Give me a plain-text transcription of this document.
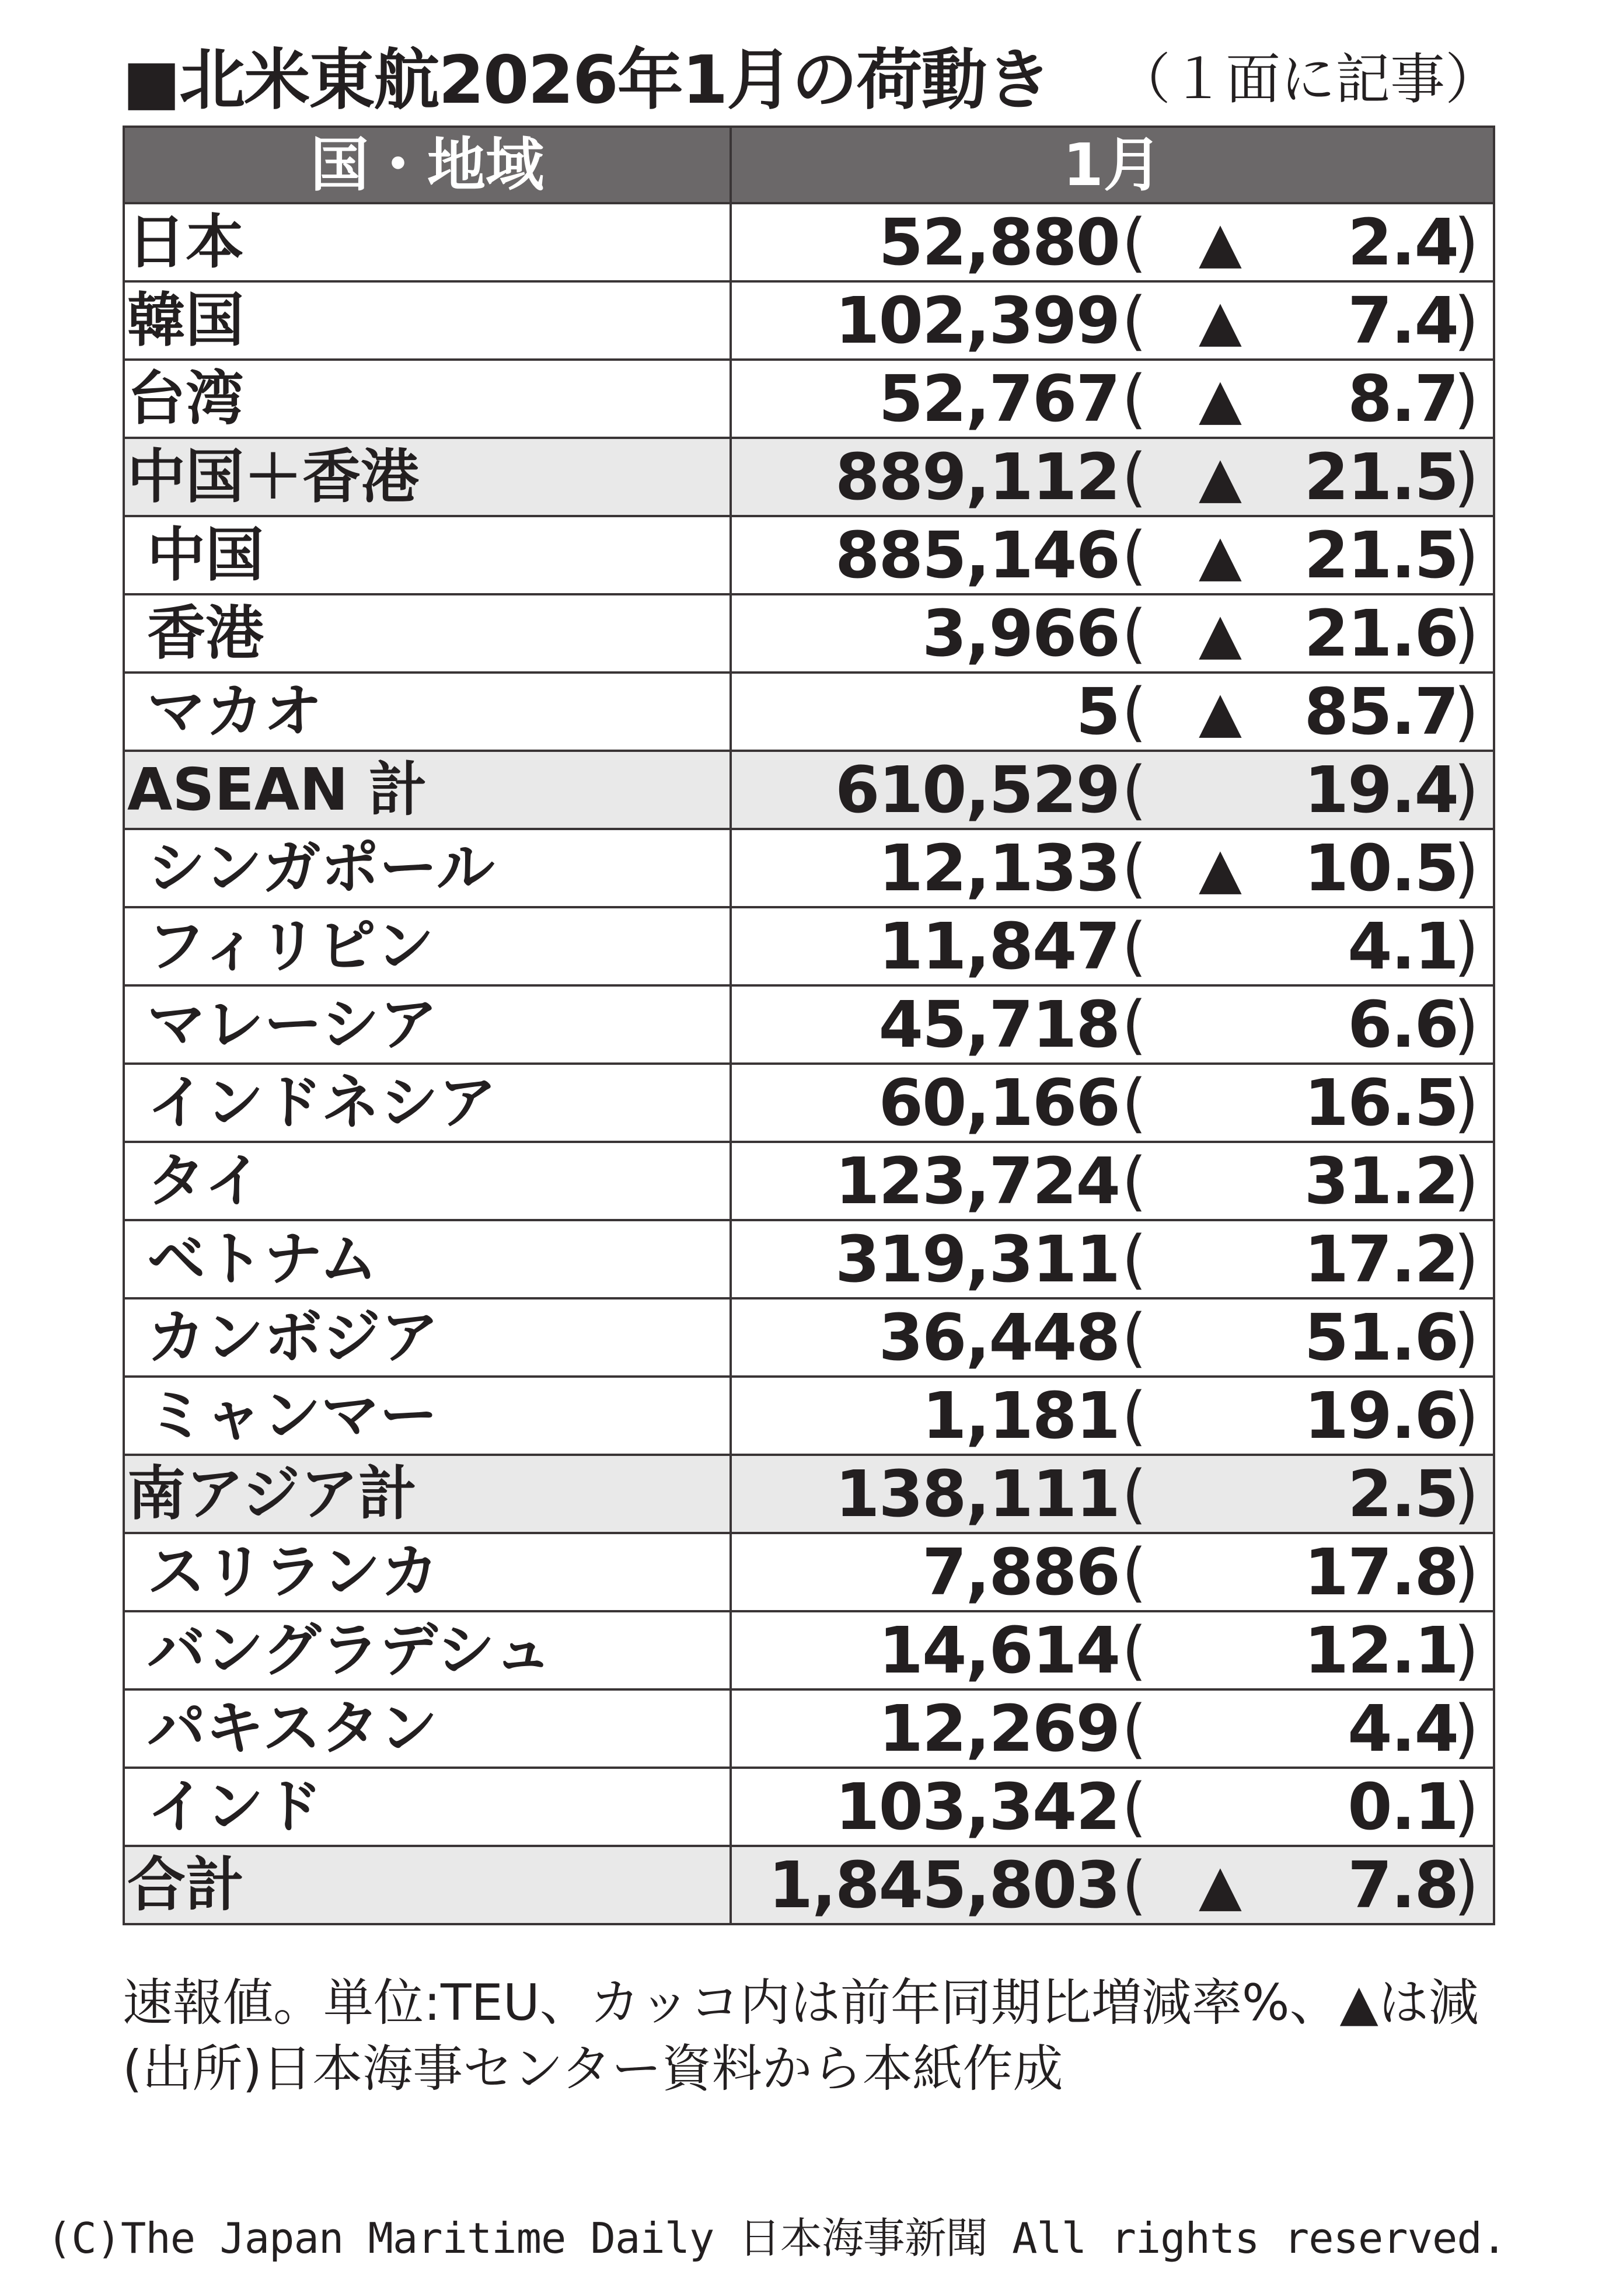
■北米東航2026年1月の荷動き （１面に記事）
国・地域	1月
日本	52,880 ( ▲ 2.4
)

韓国	102,399 ( ▲ 7.4
)

台湾	52,767 ( ▲ 8.7
)

中国＋香港	889,112 ( ▲ 21.5
)

中国	885,146 ( ▲ 21.5
)

香港	3,966 ( ▲ 21.6
)

マカオ	5 ( ▲ 85.7
)

ASEAN 計	610,529 ( 19.4
)

シンガポール	12,133 ( ▲ 10.5
)

フィリピン	11,847 ( 4.1
)

マレーシア	45,718 ( 6.6
)

インドネシア	60,166 ( 16.5
)

タイ	123,724 ( 31.2
)

ベトナム	319,311 ( 17.2
)

カンボジア	36,448 ( 51.6
)

ミャンマー	1,181 ( 19.6
)

南アジア計	138,111 ( 2.5
)

スリランカ	7,886 ( 17.8
)

バングラデシュ	14,614 ( 12.1
)

パキスタン	12,269 ( 4.4
)

インド	103,342 ( 0.1
)

合計	1,845,803 ( ▲ 7.8
)
速報値。単位:TEU、カッコ内は前年同期比増減率%、▲は減
(出所)日本海事センター資料から本紙作成
(C)The Japan Maritime Daily 日本海事新聞 All rights reserved.
